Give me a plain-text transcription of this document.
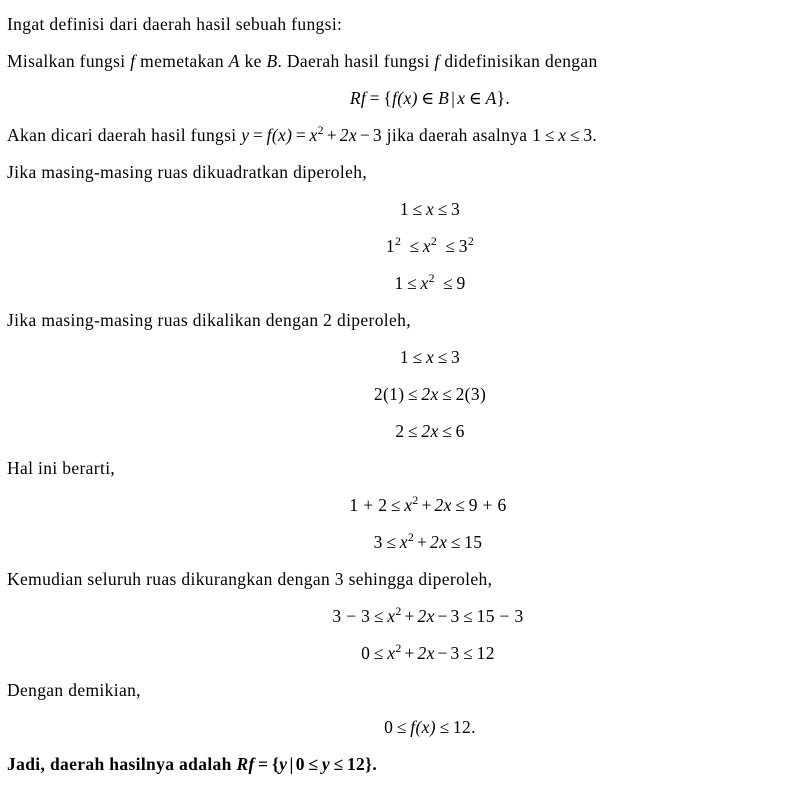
Ingat definisi dari daerah hasil sebuah fungsi:
Misalkan fungsi f memetakan A ke B. Daerah hasil fungsi f didefinisikan dengan
Rf = {f(x) ∈ B | x ∈ A}.
Akan dicari daerah hasil fungsi $y = f(x) = x^2 + 2x - 3$ jika daerah asalnya 1 ≤ x ≤ 3.
Jika masing-masing ruas dikuadratkan diperoleh,
1 ≤ x ≤ 3
$1^2 \le x^2 \le 3^2$
$1 \le x^2 \le 9$
Jika masing-masing ruas dikalikan dengan 2 diperoleh,
1 ≤ x ≤ 3
2(1) ≤ 2x ≤ 2(3)
2 ≤ 2x ≤ 6
Hal ini berarti,
$1 + 2 \le x^2 + 2x \le 9 + 6$
$3 \le x^2 + 2x \le 15$
Kemudian seluruh ruas dikurangkan dengan 3 sehingga diperoleh,
$3 - 3 \le x^2 + 2x - 3 \le 15 - 3$
$0 \le x^2 + 2x - 3 \le 12$
Dengan demikian,
0 ≤ f(x) ≤ 12.
Jadi, daerah hasilnya adalah Rf = {y | 0 ≤ y ≤ 12}.
